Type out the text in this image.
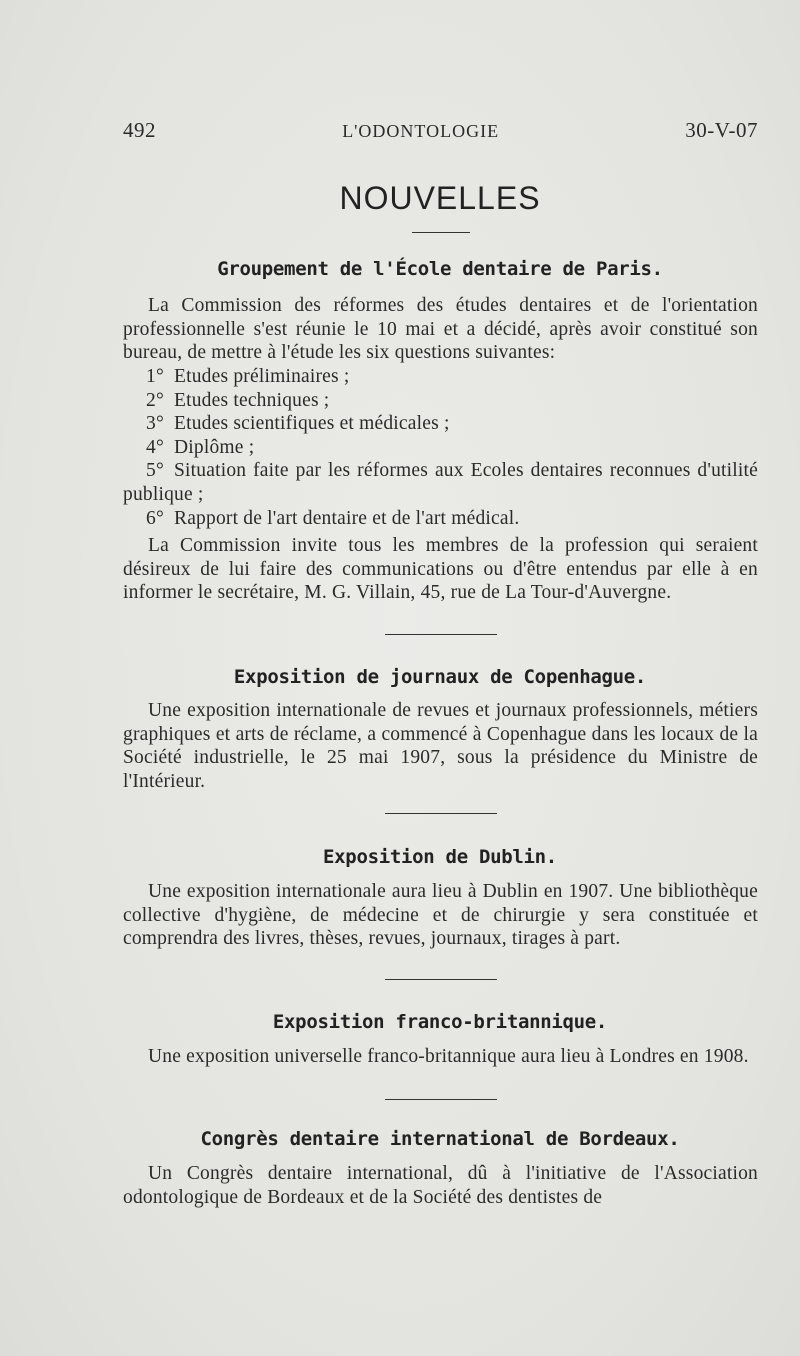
492	L'ODONTOLOGIE	30-V-07
NOUVELLES
Groupement de l'École dentaire de Paris.

La Commission des réformes des études dentaires et de l'orientation professionnelle s'est réunie le 10 mai et a décidé, après avoir constitué son bureau, de mettre à l'étude les six questions suivantes:

1° Etudes préliminaires ;
2° Etudes techniques ;
3° Etudes scientifiques et médicales ;
4° Diplôme ;
5° Situation faite par les réformes aux Ecoles dentaires reconnues d'utilité publique ;
6° Rapport de l'art dentaire et de l'art médical.

La Commission invite tous les membres de la profession qui seraient désireux de lui faire des communications ou d'être entendus par elle à en informer le secrétaire, M. G. Villain, 45, rue de La Tour-d'Auvergne.

Exposition de journaux de Copenhague.

Une exposition internationale de revues et journaux professionnels, métiers graphiques et arts de réclame, a commencé à Copenhague dans les locaux de la Société industrielle, le 25 mai 1907, sous la présidence du Ministre de l'Intérieur.

Exposition de Dublin.

Une exposition internationale aura lieu à Dublin en 1907. Une bibliothèque collective d'hygiène, de médecine et de chirurgie y sera constituée et comprendra des livres, thèses, revues, journaux, tirages à part.

Exposition franco-britannique.

Une exposition universelle franco-britannique aura lieu à Londres en 1908.

Congrès dentaire international de Bordeaux.

Un Congrès dentaire international, dû à l'initiative de l'Association odontologique de Bordeaux et de la Société des dentistes de
